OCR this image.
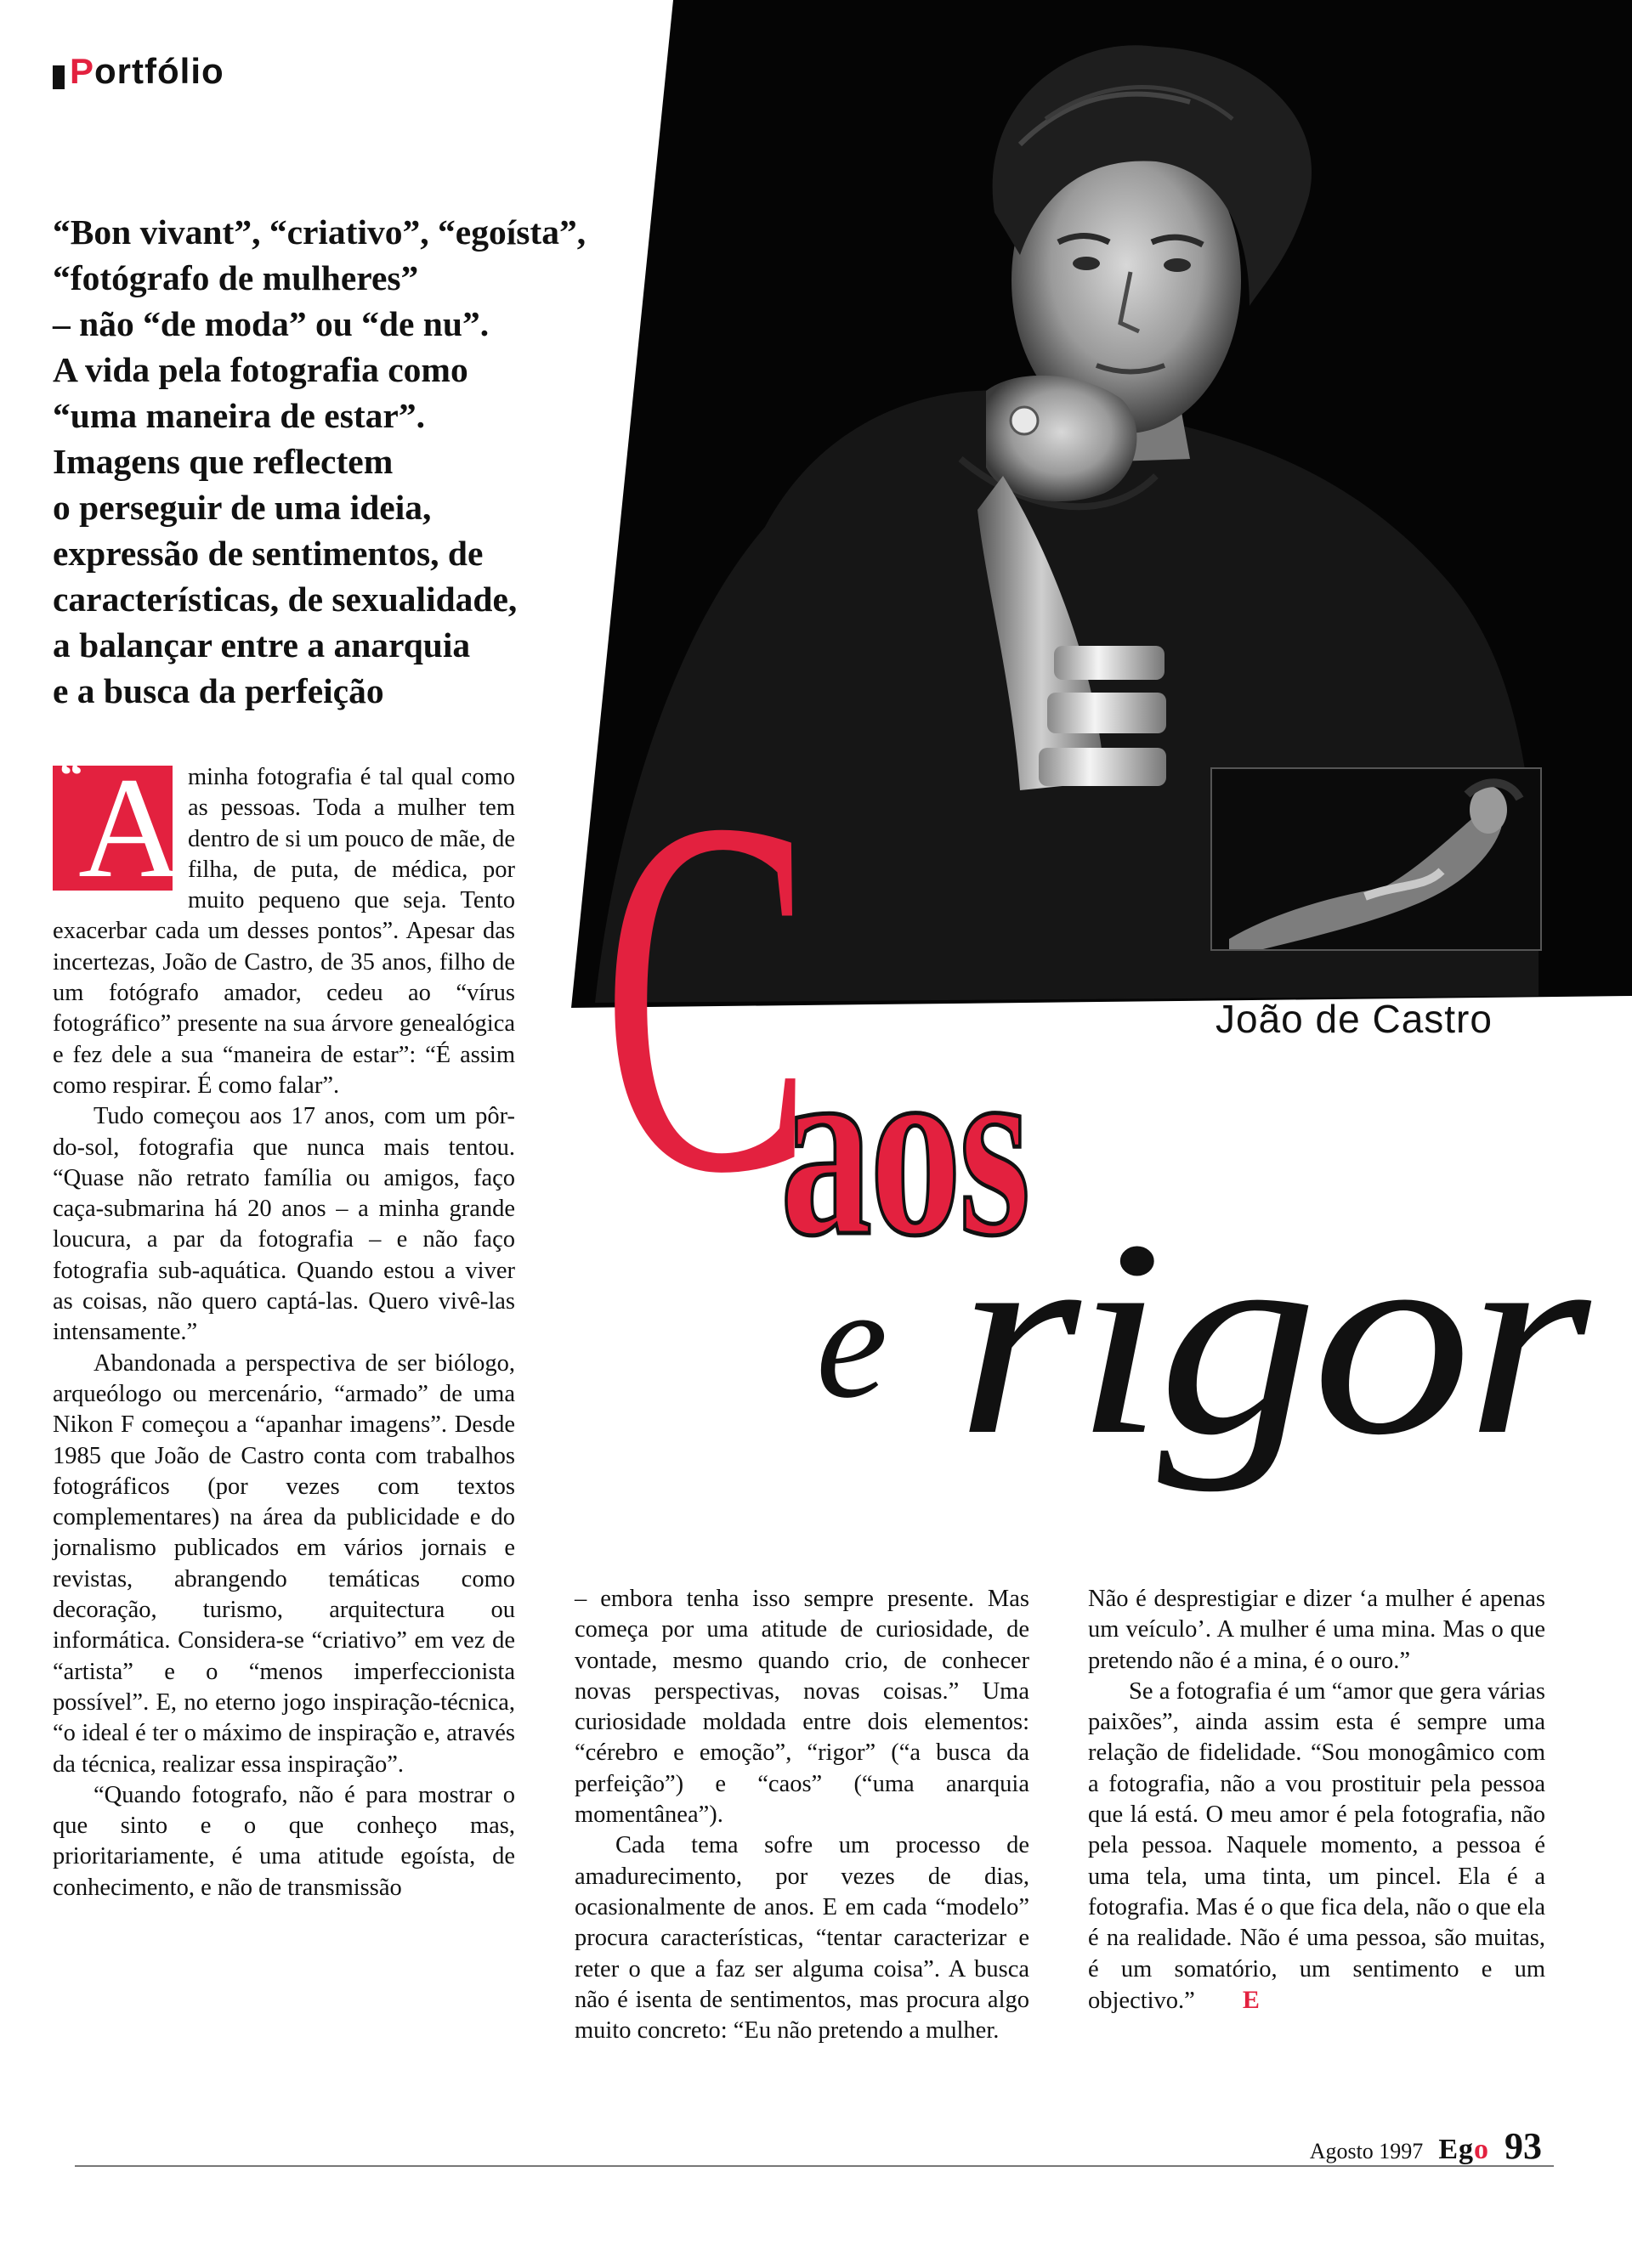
P ortfólio
João de Castro
“Bon vivant”, “criativo”, “egoísta”,
“fotógrafo de mulheres”
– não “de moda” ou “de nu”.
A vida pela fotografia como
“uma maneira de estar”.
Imagens que reflectem
o perseguir de uma ideia,
expressão de sentimentos, de
características, de sexualidade,
a balançar entre a anarquia
e a busca da perfeição
C
aos
e rigor

“
A minha fotografia é tal qual como as pessoas. Toda a mulher tem dentro de si um pouco de mãe, de filha, de puta, de médica, por muito pequeno que seja. Tento exacerbar cada um desses pontos”. Apesar das incertezas, João de Castro, de 35 anos, filho de um fotógrafo amador, cedeu ao “vírus fotográfico” presente na sua árvore genealógica e fez dele a sua “maneira de estar”: “É assim como respirar. É como falar”.

Tudo começou aos 17 anos, com um pôr-do-sol, fotografia que nunca mais tentou. “Quase não retrato família ou amigos, faço caça-submarina há 20 anos – a minha grande loucura, a par da fotografia – e não faço fotografia sub-aquática. Quando estou a viver as coisas, não quero captá-las. Quero vivê-las intensamente.”

Abandonada a perspectiva de ser biólogo, arqueólogo ou mercenário, “armado” de uma Nikon F começou a “apanhar imagens”. Desde 1985 que João de Castro conta com trabalhos fotográficos (por vezes com textos complementares) na área da publicidade e do jornalismo publicados em vários jornais e revistas, abrangendo temáticas como decoração, turismo, arquitectura ou informática. Considera-se “criativo” em vez de “artista” e o “menos imperfeccionista possível”. E, no eterno jogo inspiração-técnica, “o ideal é ter o máximo de inspiração e, através da técnica, realizar essa inspiração”.

“Quando fotografo, não é para mostrar o que sinto e o que conheço mas, prioritariamente, é uma atitude egoísta, de conhecimento, e não de transmissão

– embora tenha isso sempre presente. Mas começa por uma atitude de curiosidade, de vontade, mesmo quando crio, de conhecer novas perspectivas, novas coisas.” Uma curiosidade moldada entre dois elementos: “cérebro e emoção”, “rigor” (“a busca da perfeição”) e “caos” (“uma anarquia momentânea”).

Cada tema sofre um processo de amadurecimento, por vezes de dias, ocasionalmente de anos. E em cada “modelo” procura características, “tentar caracterizar e reter o que a faz ser alguma coisa”. A busca não é isenta de sentimentos, mas procura algo muito concreto: “Eu não pretendo a mulher.

Não é desprestigiar e dizer ‘a mulher é apenas um veículo’. A mulher é uma mina. Mas o que pretendo não é a mina, é o ouro.”

Se a fotografia é um “amor que gera várias paixões”, ainda assim esta é sempre uma relação de fidelidade. “Sou monogâmico com a fotografia, não a vou prostituir pela pessoa que lá está. O meu amor é pela fotografia, não pela pessoa. Naquele momento, a pessoa é uma tela, uma tinta, um pincel. Ela é a fotografia. Mas é o que fica dela, não o que ela é na realidade. Não é uma pessoa, são muitas, é um somatório, um sentimento e um objectivo.” E

Agosto 1997 Ego 93
